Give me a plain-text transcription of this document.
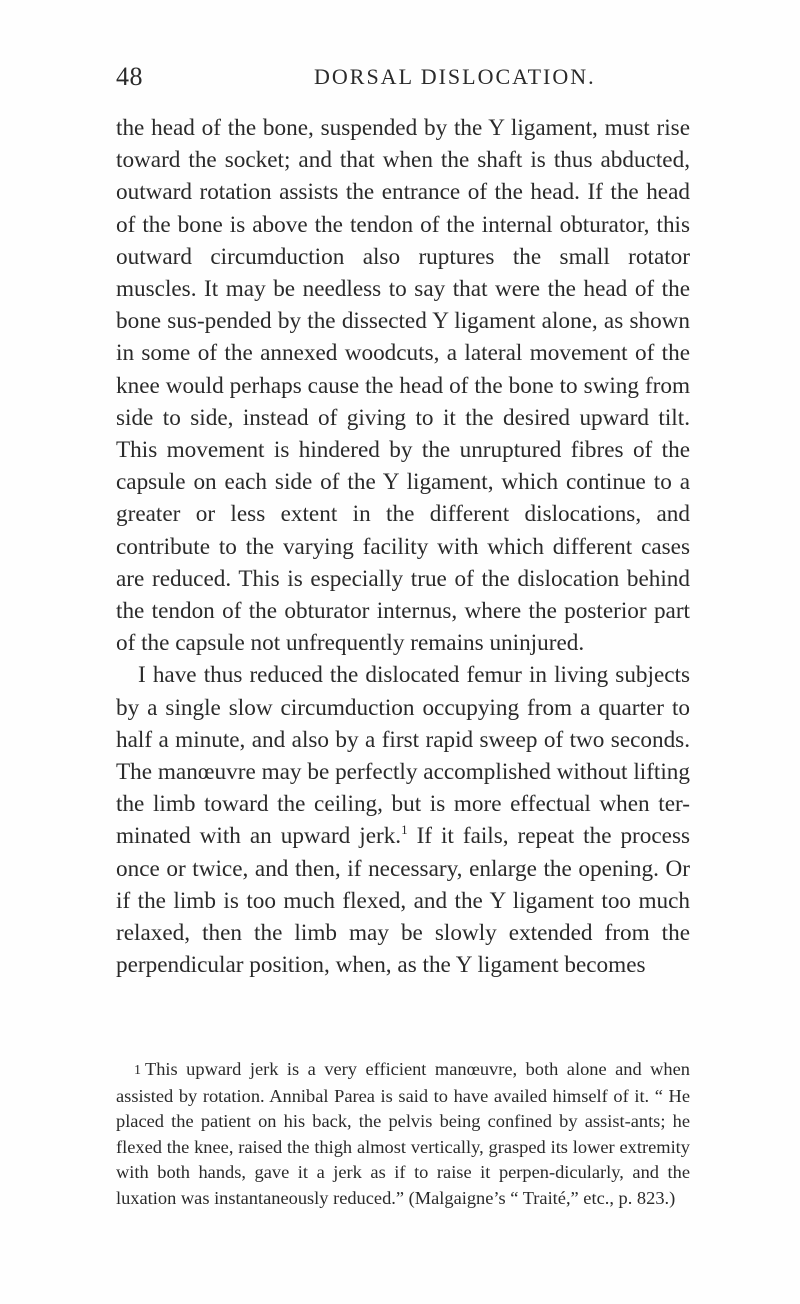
48	DORSAL DISLOCATION.

the head of the bone, suspended by the Y ligament, must rise toward the socket; and that when the shaft is thus abducted, outward rotation assists the entrance of the head. If the head of the bone is above the tendon of the internal obturator, this outward circumduction also ruptures the small rotator muscles. It may be needless to say that were the head of the bone sus-pended by the dissected Y ligament alone, as shown in some of the annexed woodcuts, a lateral movement of the knee would perhaps cause the head of the bone to swing from side to side, instead of giving to it the desired upward tilt. This movement is hindered by the unruptured fibres of the capsule on each side of the Y ligament, which continue to a greater or less extent in the different dislocations, and contribute to the varying facility with which different cases are reduced. This is especially true of the dislocation behind the tendon of the obturator internus, where the posterior part of the capsule not unfrequently remains uninjured.

I have thus reduced the dislocated femur in living subjects by a single slow circumduction occupying from a quarter to half a minute, and also by a first rapid sweep of two seconds. The manœuvre may be perfectly accomplished without lifting the limb toward the ceiling, but is more effectual when ter-minated with an upward jerk.$^1$ If it fails, repeat the process once or twice, and then, if necessary, enlarge the opening. Or if the limb is too much flexed, and the Y ligament too much relaxed, then the limb may be slowly extended from the perpendicular position, when, as the Y ligament becomes

1 This upward jerk is a very efficient manœuvre, both alone and when assisted by rotation. Annibal Parea is said to have availed himself of it. “ He placed the patient on his back, the pelvis being confined by assist-ants; he flexed the knee, raised the thigh almost vertically, grasped its lower extremity with both hands, gave it a jerk as if to raise it perpen-dicularly, and the luxation was instantaneously reduced.” (Malgaigne’s “ Traité,” etc., p. 823.)
